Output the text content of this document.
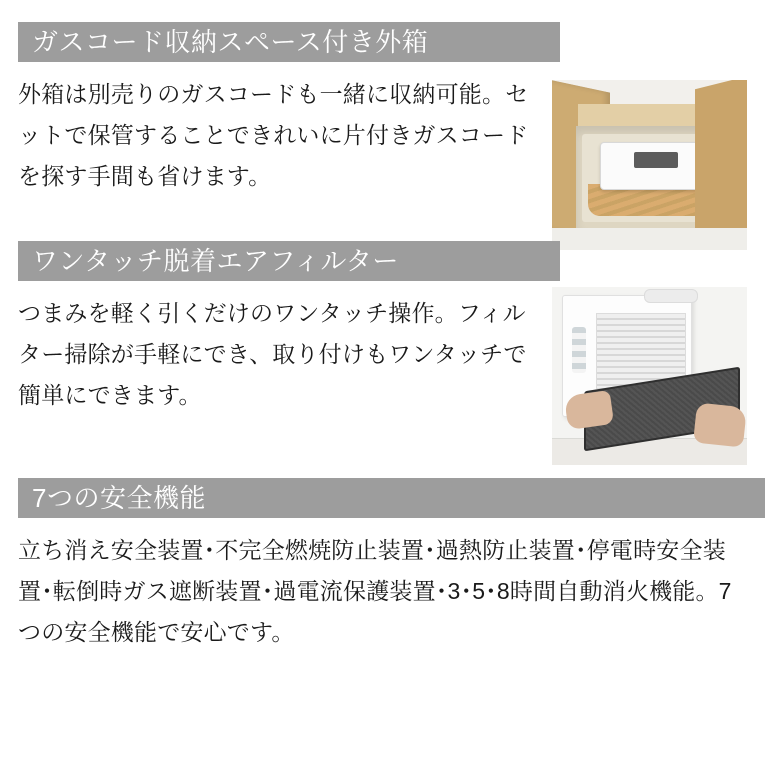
ガスコード収納スペース付き外箱
外箱は別売りのガスコードも一緒に収納可能。セットで保管することできれいに片付きガスコードを探す手間も省けます。
ワンタッチ脱着エアフィルター
つまみを軽く引くだけのワンタッチ操作。フィルター掃除が手軽にでき、取り付けもワンタッチで簡単にできます。
7つの安全機能
立ち消え安全装置･不完全燃焼防止装置･過熱防止装置･停電時安全装置･転倒時ガス遮断装置･過電流保護装置･3･5･8時間自動消火機能。7つの安全機能で安心です。
